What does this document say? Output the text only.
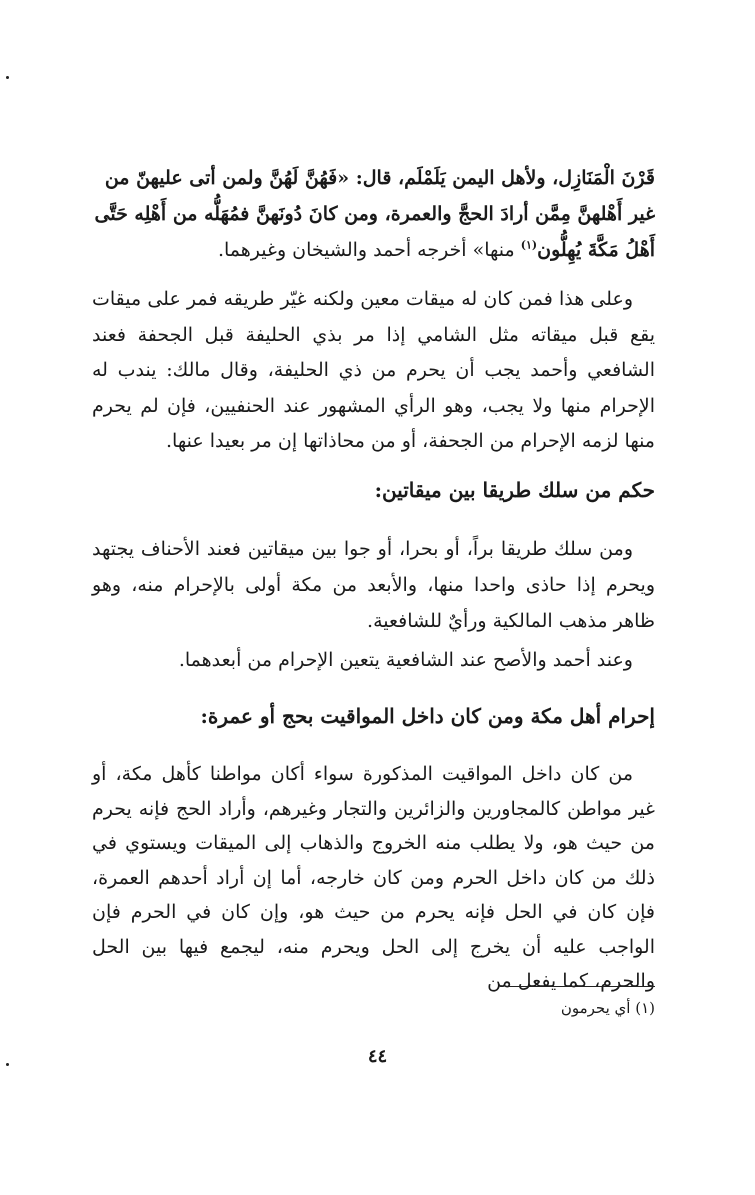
قَرْنَ الْمَنَازِل، ولأهل اليمن يَلَمْلَم، قال: «فَهُنَّ لَهُنَّ ولمن أتى عليهنّ من

غير أَهْلهنَّ مِمَّن أرادَ الحجَّ والعمرة، ومن كانَ دُونَهنَّ فمُهَلُّه من أَهْلِه حَتَّى

أَهْلُ مَكَّةَ يُهِلُّون$^{(١)}$ منها» أخرجه أحمد والشيخان وغيرهما.

وعلى هذا فمن كان له ميقات معين ولكنه غيّر طريقه فمر على ميقات يقع قبل ميقاته مثل الشامي إذا مر بذي الحليفة قبل الجحفة فعند الشافعي وأحمد يجب أن يحرم من ذي الحليفة، وقال مالك: يندب له الإحرام منها ولا يجب، وهو الرأي المشهور عند الحنفيين، فإن لم يحرم منها لزمه الإحرام من الجحفة، أو من محاذاتها إن مر بعيدا عنها.

حكم من سلك طريقا بين ميقاتين:

ومن سلك طريقا براً، أو بحرا، أو جوا بين ميقاتين فعند الأحناف يجتهد ويحرم إذا حاذى واحدا منها، والأبعد من مكة أولى بالإحرام منه، وهو ظاهر مذهب المالكية ورأيٌ للشافعية.

وعند أحمد والأصح عند الشافعية يتعين الإحرام من أبعدهما.

إحرام أهل مكة ومن كان داخل المواقيت بحج أو عمرة:

من كان داخل المواقيت المذكورة سواء أكان مواطنا كأهل مكة، أو غير مواطن كالمجاورين والزائرين والتجار وغيرهم، وأراد الحج فإنه يحرم من حيث هو، ولا يطلب منه الخروج والذهاب إلى الميقات ويستوي في ذلك من كان داخل الحرم ومن كان خارجه، أما إن أراد أحدهم العمرة، فإن كان في الحل فإنه يحرم من حيث هو، وإن كان في الحرم فإن الواجب عليه أن يخرج إلى الحل ويحرم منه، ليجمع فيها بين الحل والحرم، كما يفعل من

(١) أي يحرمون
٤٤
